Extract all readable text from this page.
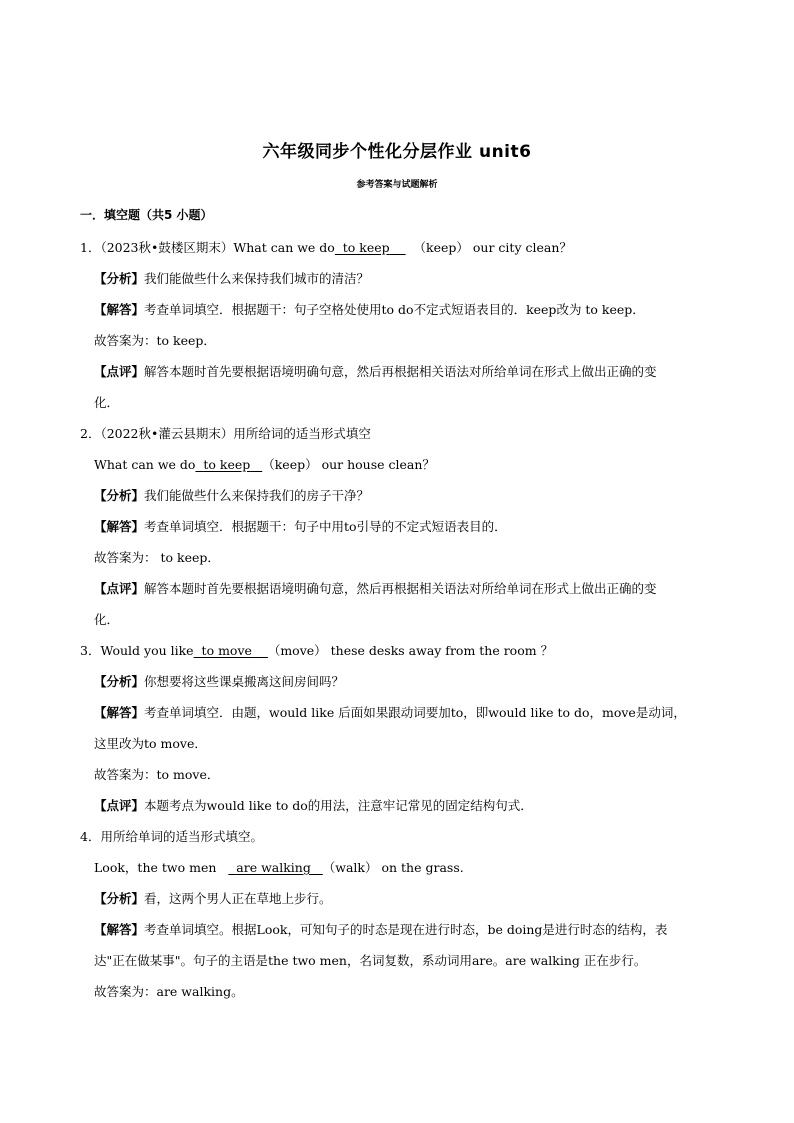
六年级同步个性化分层作业 unit6
参考答案与试题解析
一．填空题（共5 小题）
1．（2023秋•鼓楼区期末）What can we do to keep （keep） our city clean？
【分析】我们能做些什么来保持我们城市的清洁？
【解答】考查单词填空．根据题干：句子空格处使用to do不定式短语表目的．keep改为 to keep．
故答案为：to keep．
【点评】解答本题时首先要根据语境明确句意，然后再根据相关语法对所给单词在形式上做出正确的变
化．
2．（2022秋•灌云县期末）用所给词的适当形式填空
What can we do to keep （keep） our house clean？
【分析】我们能做些什么来保持我们的房子干净？
【解答】考查单词填空．根据题干：句子中用to引导的不定式短语表目的．
故答案为： to keep．
【点评】解答本题时首先要根据语境明确句意，然后再根据相关语法对所给单词在形式上做出正确的变
化．
3．Would you like to move （move） these desks away from the room ？
【分析】你想要将这些课桌搬离这间房间吗？
【解答】考查单词填空．由题，would like 后面如果跟动词要加to，即would like to do，move是动词，
这里改为to move．
故答案为：to move．
【点评】本题考点为would like to do的用法，注意牢记常见的固定结构句式．
4．用所给单词的适当形式填空。
Look，the two men are walking （walk） on the grass.
【分析】看，这两个男人正在草地上步行。
【解答】考查单词填空。根据Look，可知句子的时态是现在进行时态，be doing是进行时态的结构，表
达"正在做某事"。句子的主语是the two men，名词复数，系动词用are。are walking 正在步行。
故答案为：are walking。
